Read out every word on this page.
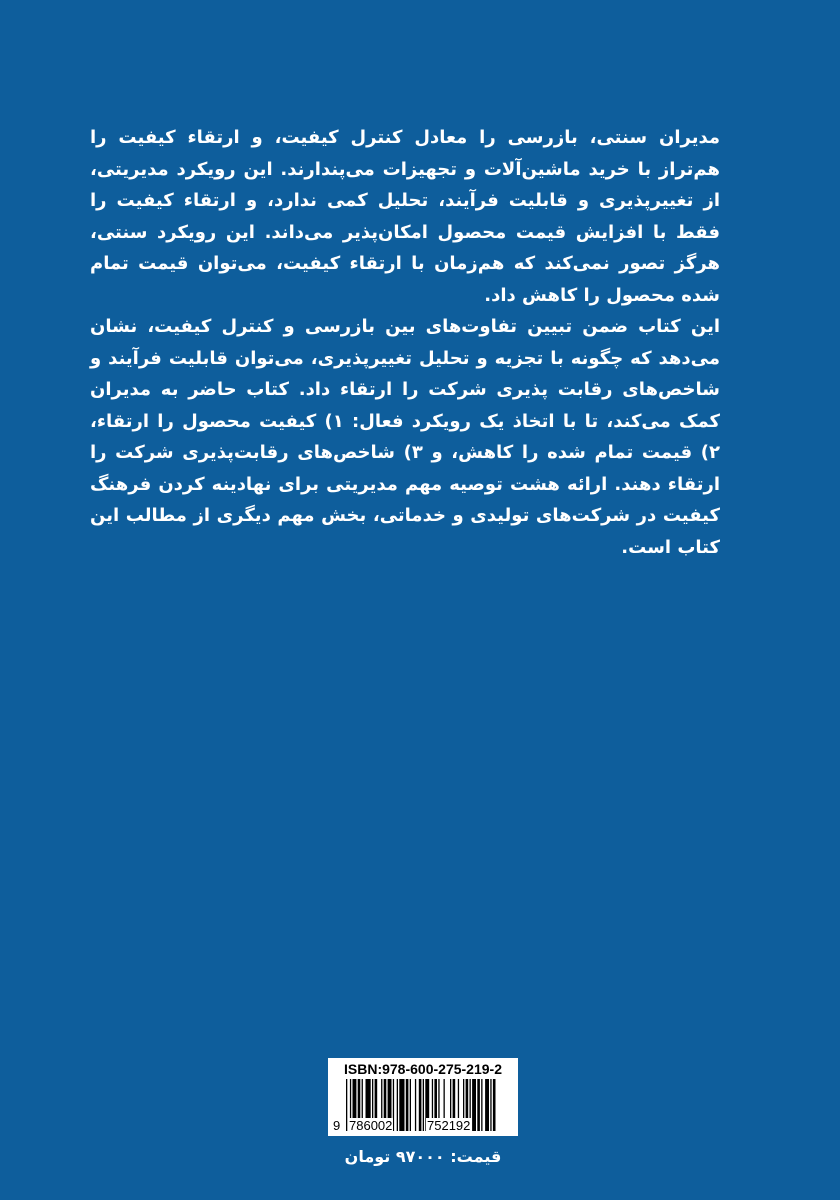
مدیران سنتی، بازرسی را معادل کنترل کیفیت، و ارتقاء کیفیت را هم‌تراز با خرید ماشین‌آلات و تجهیزات می‌پندارند. این رویکرد مدیریتی، از تغییرپذیری و قابلیت فرآیند، تحلیل کمی ندارد، و ارتقاء کیفیت را فقط با افزایش قیمت محصول امکان‌پذیر می‌داند. این رویکرد سنتی، هرگز تصور نمی‌کند که هم‌زمان با ارتقاء کیفیت، می‌توان قیمت تمام شده محصول را کاهش داد.

این کتاب ضمن تبیین تفاوت‌های بین بازرسی و کنترل کیفیت، نشان می‌دهد که چگونه با تجزیه و تحلیل تغییرپذیری، می‌توان قابلیت فرآیند و شاخص‌های رقابت پذیری شرکت را ارتقاء داد. کتاب حاضر به مدیران کمک می‌کند، تا با اتخاذ یک رویکرد فعال: ۱) کیفیت محصول را ارتقاء، ۲) قیمت تمام شده را کاهش، و ۳) شاخص‌های رقابت‌پذیری شرکت را ارتقاء دهند. ارائه هشت توصیه مهم مدیریتی برای نهادینه کردن فرهنگ کیفیت در شرکت‌های تولیدی و خدماتی، بخش مهم دیگری از مطالب این کتاب است.

ISBN:978-600-275-219-2
9 786002	752192
قیمت: ۹۷۰۰۰ تومان
